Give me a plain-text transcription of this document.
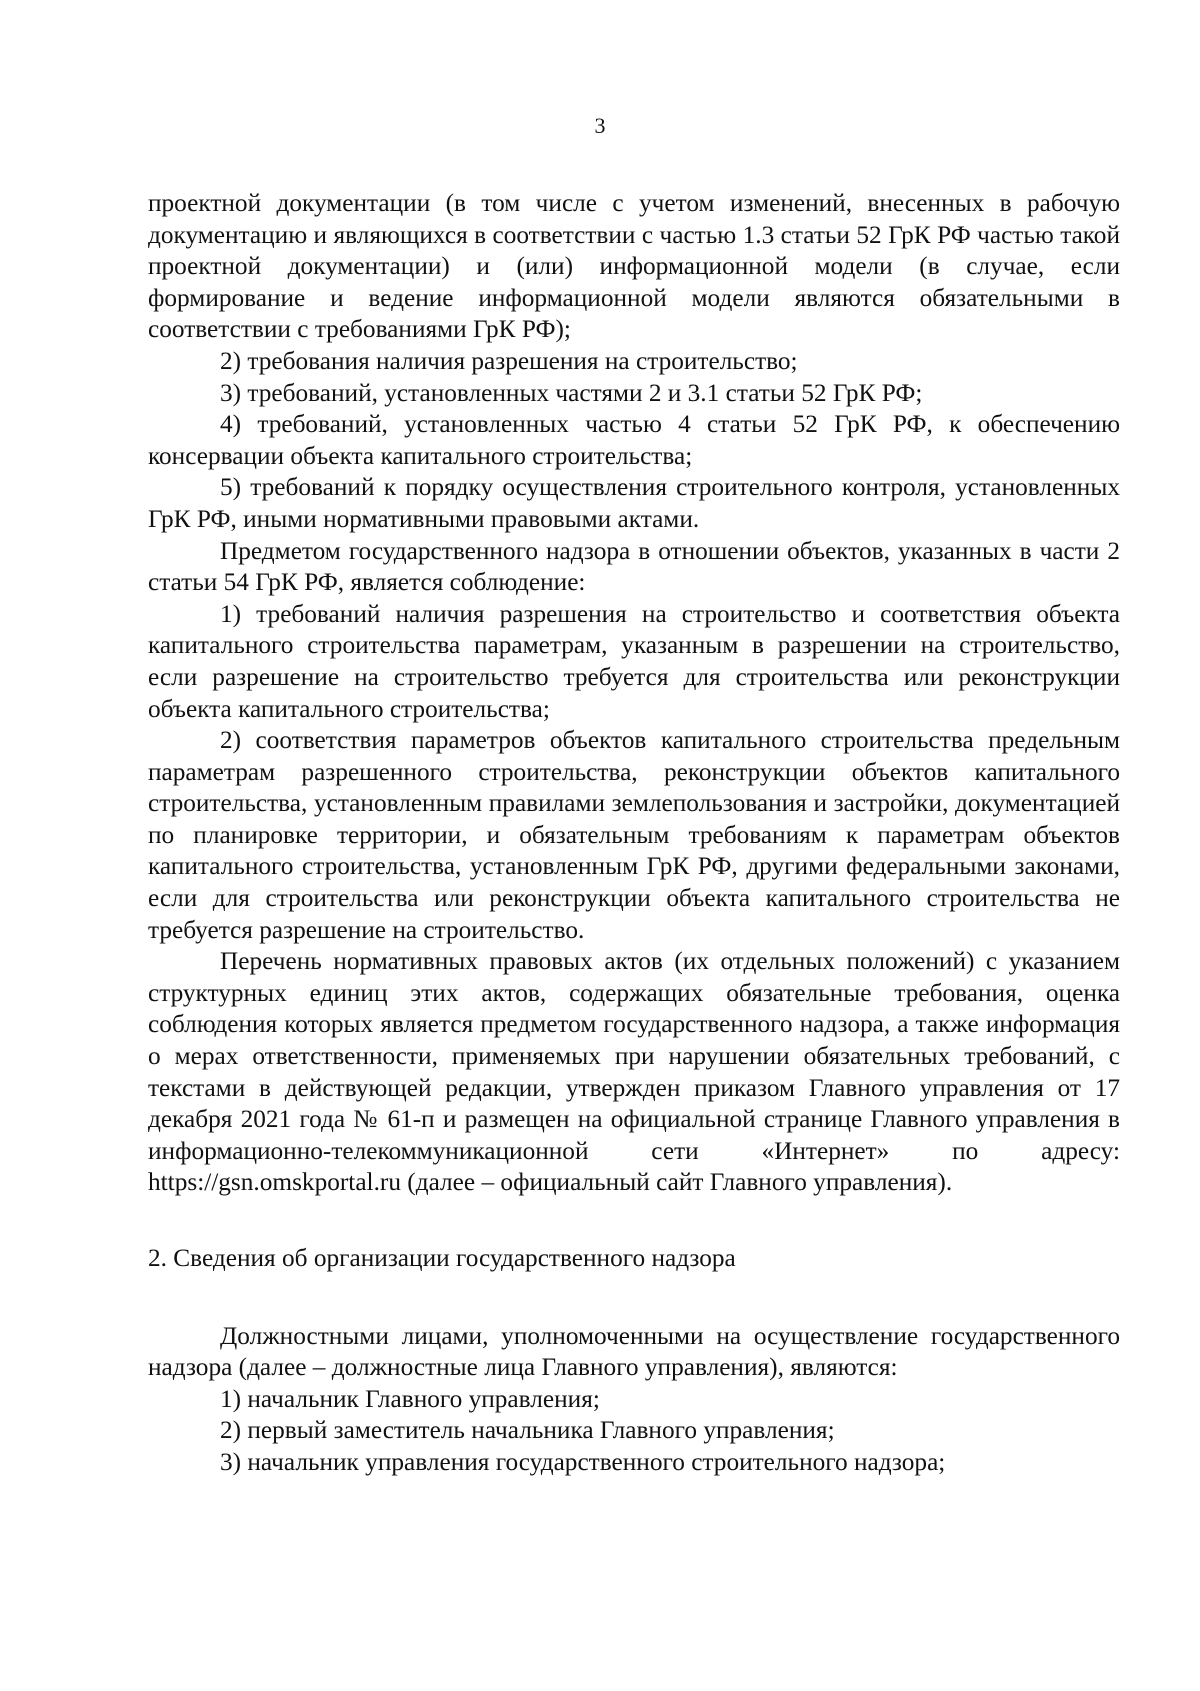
3

проектной документации (в том числе с учетом изменений, внесенных в рабочую документацию и являющихся в соответствии с частью 1.3 статьи 52 ГрК РФ частью такой проектной документации) и (или) информационной модели (в случае, если формирование и ведение информационной модели являются обязательными в соответствии с требованиями ГрК РФ);

2) требования наличия разрешения на строительство;

3) требований, установленных частями 2 и 3.1 статьи 52 ГрК РФ;

4) требований, установленных частью 4 статьи 52 ГрК РФ, к обеспечению консервации объекта капитального строительства;

5) требований к порядку осуществления строительного контроля, установленных ГрК РФ, иными нормативными правовыми актами.

Предметом государственного надзора в отношении объектов, указанных в части 2 статьи 54 ГрК РФ, является соблюдение:

1) требований наличия разрешения на строительство и соответствия объекта капитального строительства параметрам, указанным в разрешении на строительство, если разрешение на строительство требуется для строительства или реконструкции объекта капитального строительства;

2) соответствия параметров объектов капитального строительства предельным параметрам разрешенного строительства, реконструкции объектов капитального строительства, установленным правилами землепользования и застройки, документацией по планировке территории, и обязательным требованиям к параметрам объектов капитального строительства, установленным ГрК РФ, другими федеральными законами, если для строительства или реконструкции объекта капитального строительства не требуется разрешение на строительство.

Перечень нормативных правовых актов (их отдельных положений) с указанием структурных единиц этих актов, содержащих обязательные требования, оценка соблюдения которых является предметом государственного надзора, а также информация о мерах ответственности, применяемых при нарушении обязательных требований, с текстами в действующей редакции, утвержден приказом Главного управления от 17 декабря 2021 года № 61-п и размещен на официальной странице Главного управления в информационно-телекоммуникационной сети «Интернет» по адресу: https://gsn.omskportal.ru (далее – официальный сайт Главного управления).

2. Сведения об организации государственного надзора

Должностными лицами, уполномоченными на осуществление государственного надзора (далее – должностные лица Главного управления), являются:

1) начальник Главного управления;

2) первый заместитель начальника Главного управления;

3) начальник управления государственного строительного надзора;
